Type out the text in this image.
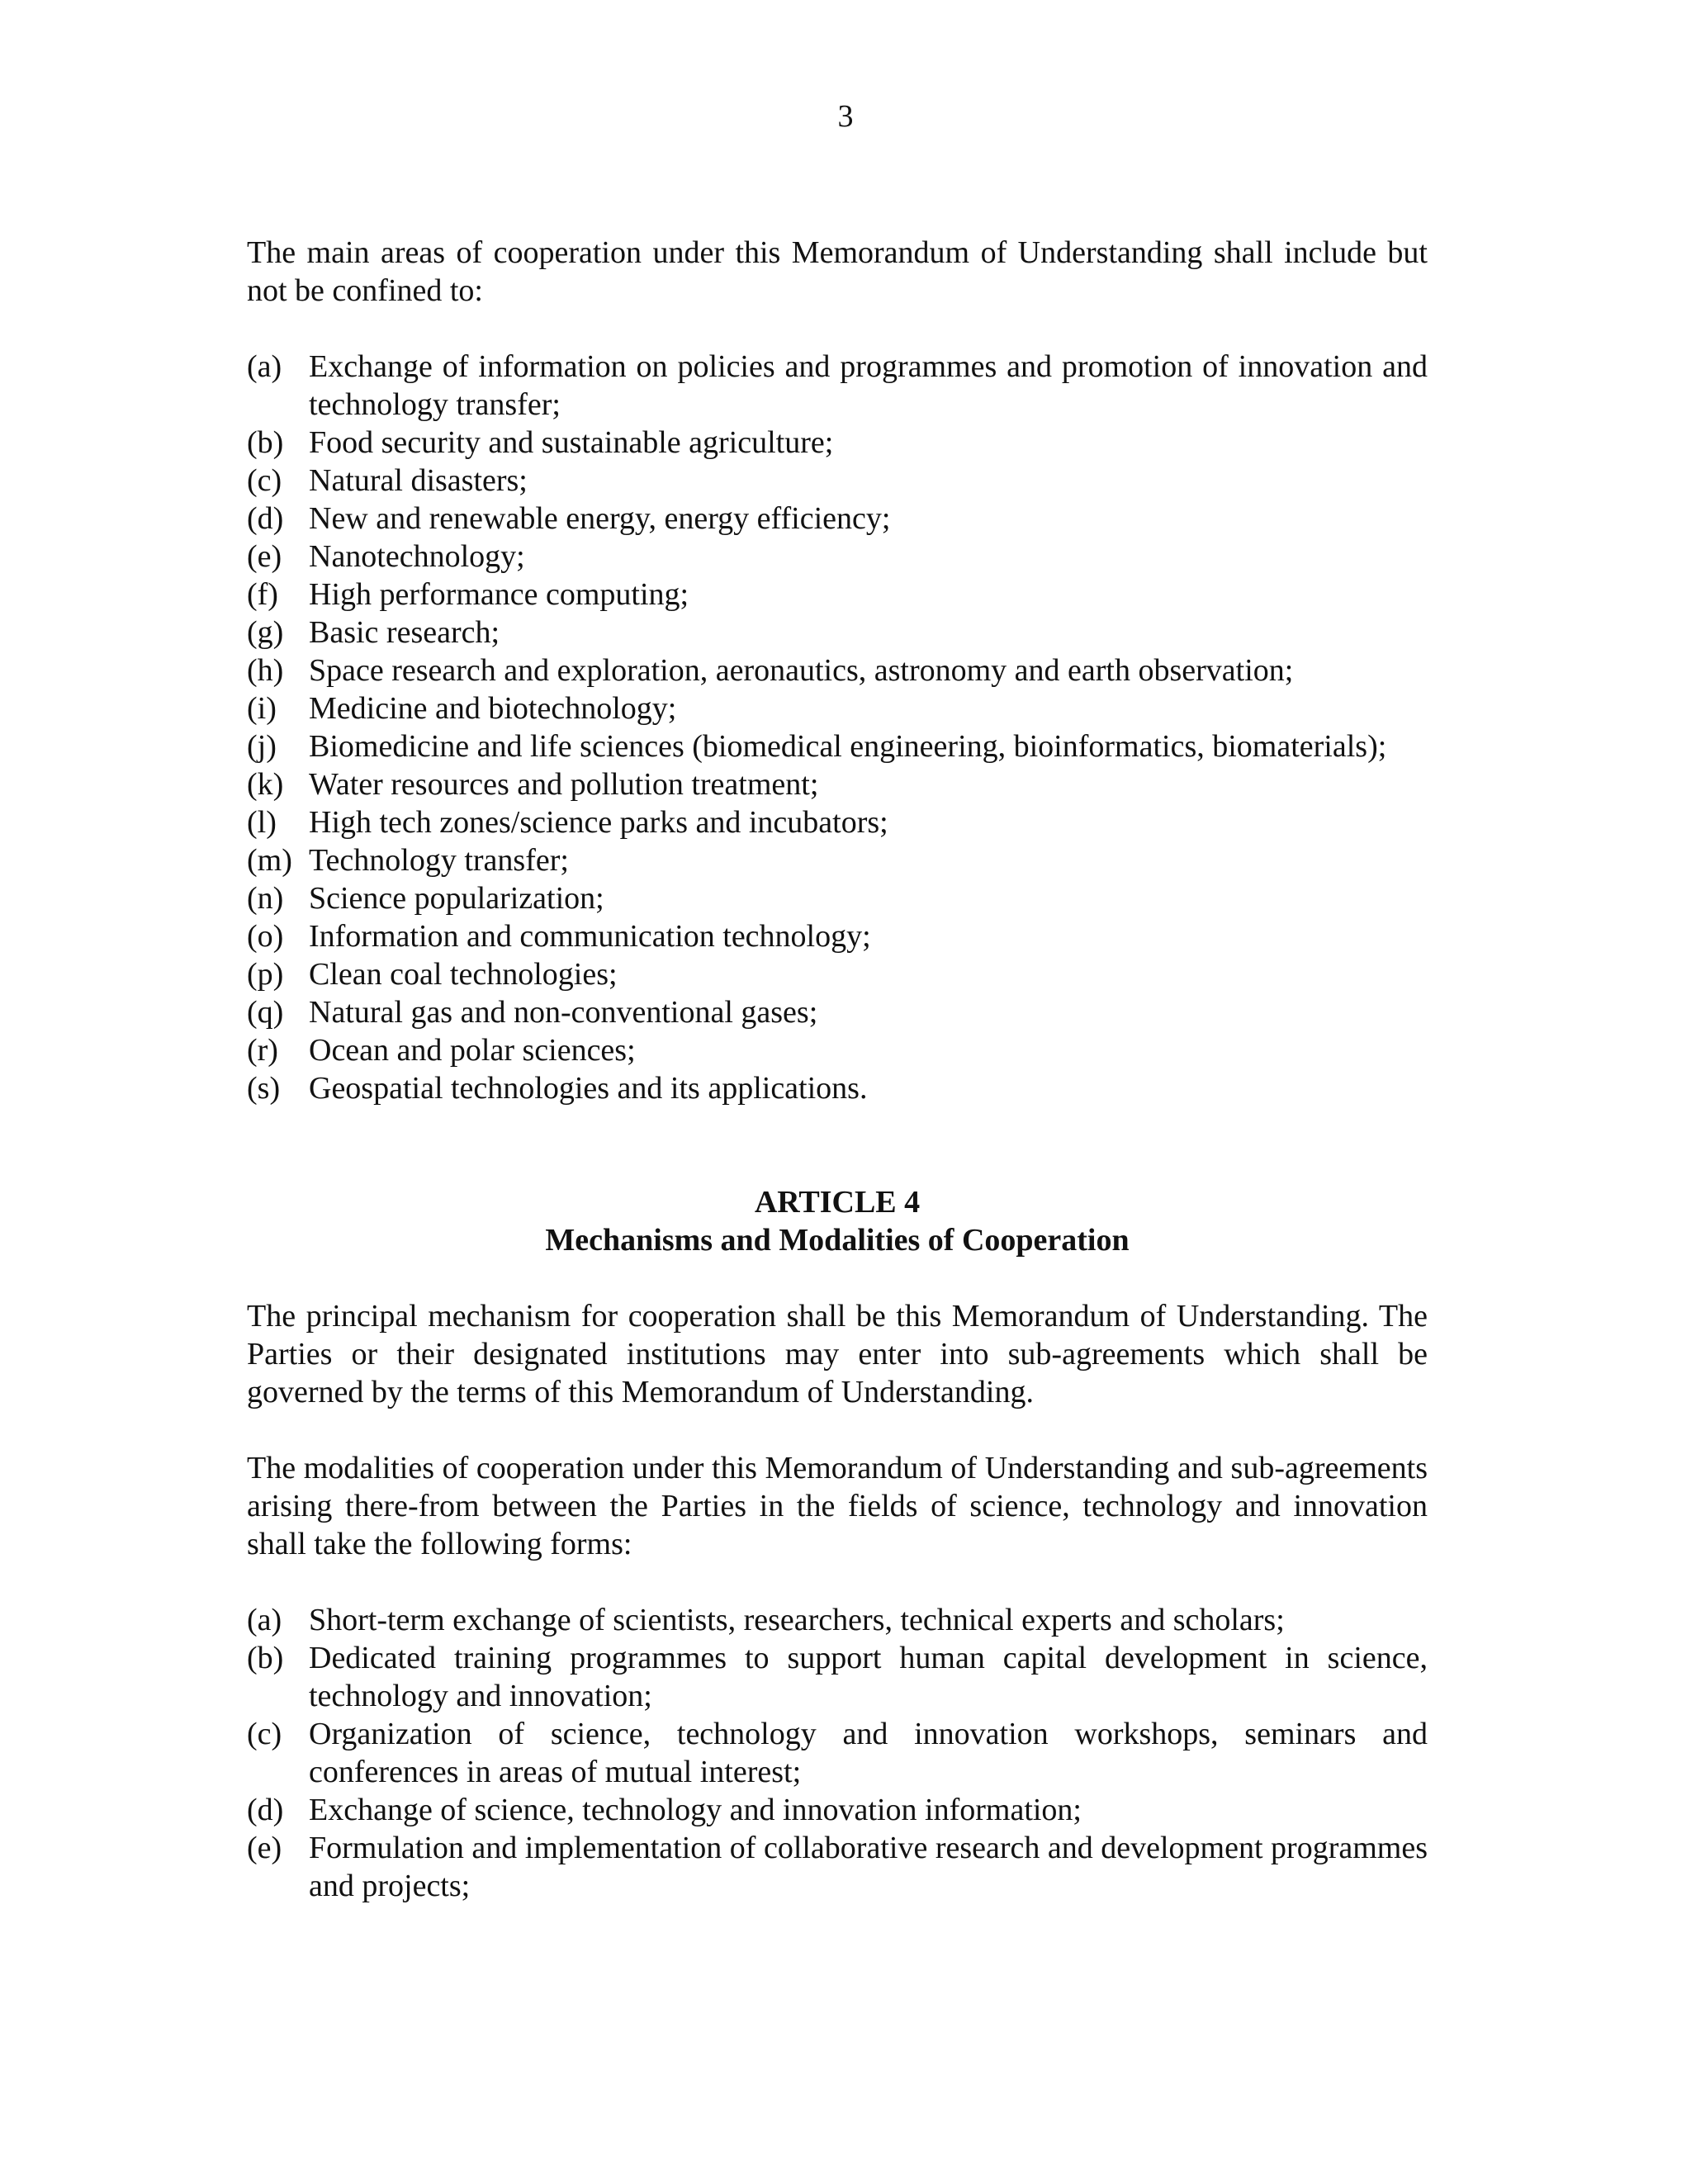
3

The main areas of cooperation under this Memorandum of Understanding shall include but not be confined to:

(a) Exchange of information on policies and programmes and promotion of innovation and technology transfer;
(b) Food security and sustainable agriculture;
(c) Natural disasters;
(d) New and renewable energy, energy efficiency;
(e) Nanotechnology;
(f) High performance computing;
(g) Basic research;
(h) Space research and exploration, aeronautics, astronomy and earth observation;
(i) Medicine and biotechnology;
(j) Biomedicine and life sciences (biomedical engineering, bioinformatics, biomaterials);
(k) Water resources and pollution treatment;
(l) High tech zones/science parks and incubators;
(m) Technology transfer;
(n) Science popularization;
(o) Information and communication technology;
(p) Clean coal technologies;
(q) Natural gas and non-conventional gases;
(r) Ocean and polar sciences;
(s) Geospatial technologies and its applications.

ARTICLE 4

Mechanisms and Modalities of Cooperation

The principal mechanism for cooperation shall be this Memorandum of Understanding. The Parties or their designated institutions may enter into sub-agreements which shall be governed by the terms of this Memorandum of Understanding.

The modalities of cooperation under this Memorandum of Understanding and sub-agreements arising there-from between the Parties in the fields of science, technology and innovation shall take the following forms:

(a) Short-term exchange of scientists, researchers, technical experts and scholars;
(b) Dedicated training programmes to support human capital development in science, technology and innovation;
(c) Organization of science, technology and innovation workshops, seminars and conferences in areas of mutual interest;
(d) Exchange of science, technology and innovation information;
(e) Formulation and implementation of collaborative research and development programmes and projects;
